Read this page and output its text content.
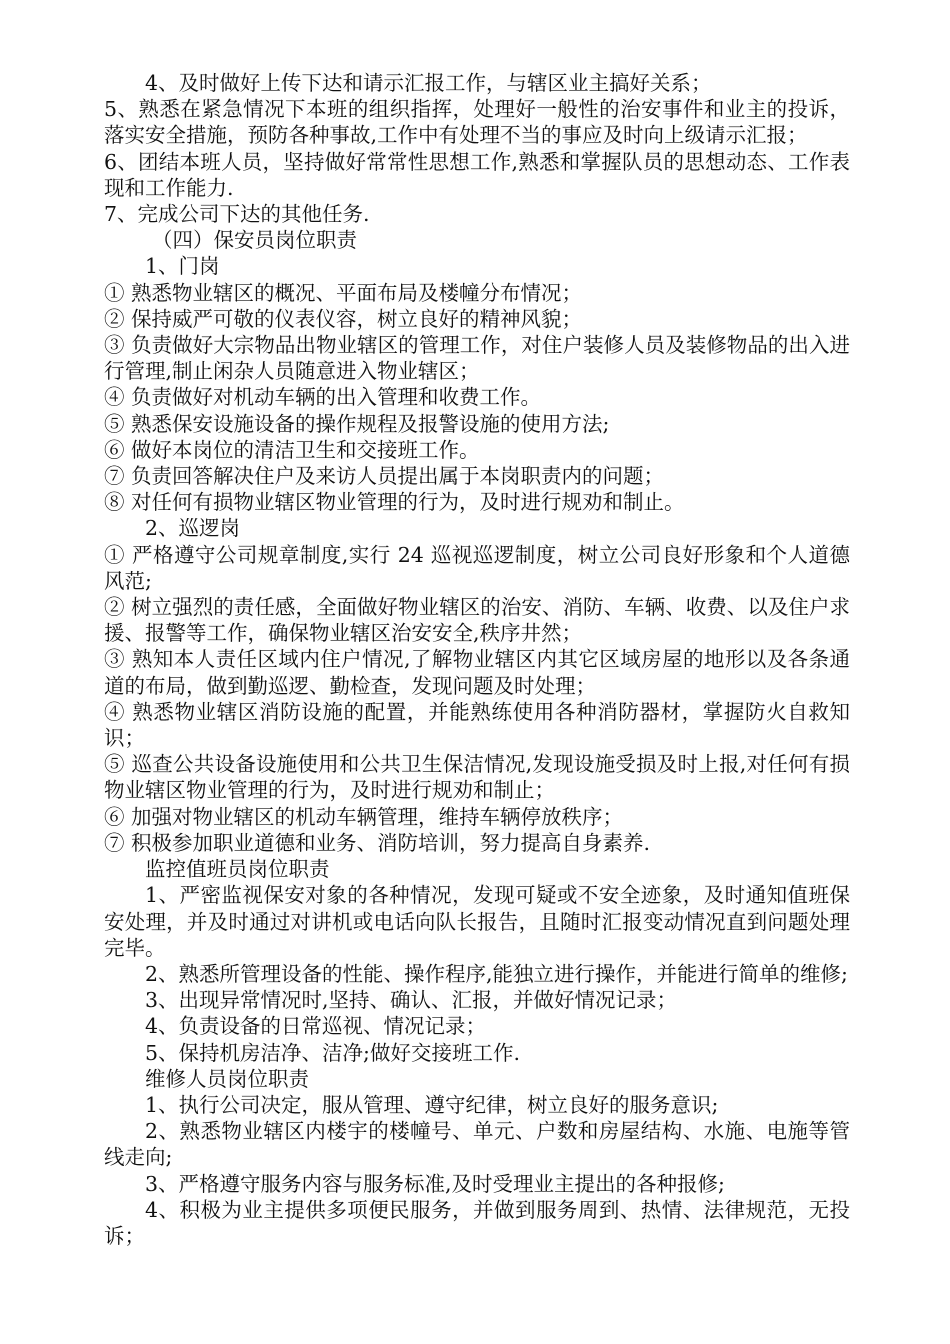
4、及时做好上传下达和请示汇报工作，与辖区业主搞好关系；

5、熟悉在紧急情况下本班的组织指挥，处理好一般性的治安事件和业主的投诉，落实安全措施，预防各种事故,工作中有处理不当的事应及时向上级请示汇报；

6、团结本班人员，坚持做好常常性思想工作,熟悉和掌握队员的思想动态、工作表现和工作能力.

7、完成公司下达的其他任务.

（四）保安员岗位职责

1、门岗

① 熟悉物业辖区的概况、平面布局及楼幢分布情况；

② 保持威严可敬的仪表仪容，树立良好的精神风貌；

③ 负责做好大宗物品出物业辖区的管理工作，对住户装修人员及装修物品的出入进行管理,制止闲杂人员随意进入物业辖区；

④ 负责做好对机动车辆的出入管理和收费工作。

⑤ 熟悉保安设施设备的操作规程及报警设施的使用方法;

⑥ 做好本岗位的清洁卫生和交接班工作。

⑦ 负责回答解决住户及来访人员提出属于本岗职责内的问题；

⑧ 对任何有损物业辖区物业管理的行为，及时进行规劝和制止。

2、巡逻岗

① 严格遵守公司规章制度,实行 24 巡视巡逻制度，树立公司良好形象和个人道德风范;

② 树立强烈的责任感，全面做好物业辖区的治安、消防、车辆、收费、以及住户求援、报警等工作，确保物业辖区治安安全,秩序井然；

③ 熟知本人责任区域内住户情况,了解物业辖区内其它区域房屋的地形以及各条通道的布局，做到勤巡逻、勤检查，发现问题及时处理；

④ 熟悉物业辖区消防设施的配置，并能熟练使用各种消防器材，掌握防火自救知识；

⑤ 巡查公共设备设施使用和公共卫生保洁情况,发现设施受损及时上报,对任何有损物业辖区物业管理的行为，及时进行规劝和制止；

⑥ 加强对物业辖区的机动车辆管理，维持车辆停放秩序；

⑦ 积极参加职业道德和业务、消防培训，努力提高自身素养.

监控值班员岗位职责

1、严密监视保安对象的各种情况，发现可疑或不安全迹象，及时通知值班保安处理，并及时通过对讲机或电话向队长报告，且随时汇报变动情况直到问题处理完毕。

2、熟悉所管理设备的性能、操作程序,能独立进行操作，并能进行简单的维修;

3、出现异常情况时,坚持、确认、汇报，并做好情况记录；

4、负责设备的日常巡视、情况记录；

5、保持机房洁净、洁净;做好交接班工作.

维修人员岗位职责

1、执行公司决定，服从管理、遵守纪律，树立良好的服务意识;

2、熟悉物业辖区内楼宇的楼幢号、单元、户数和房屋结构、水施、电施等管线走向;

3、严格遵守服务内容与服务标准,及时受理业主提出的各种报修;

4、积极为业主提供多项便民服务，并做到服务周到、热情、法律规范，无投诉；
